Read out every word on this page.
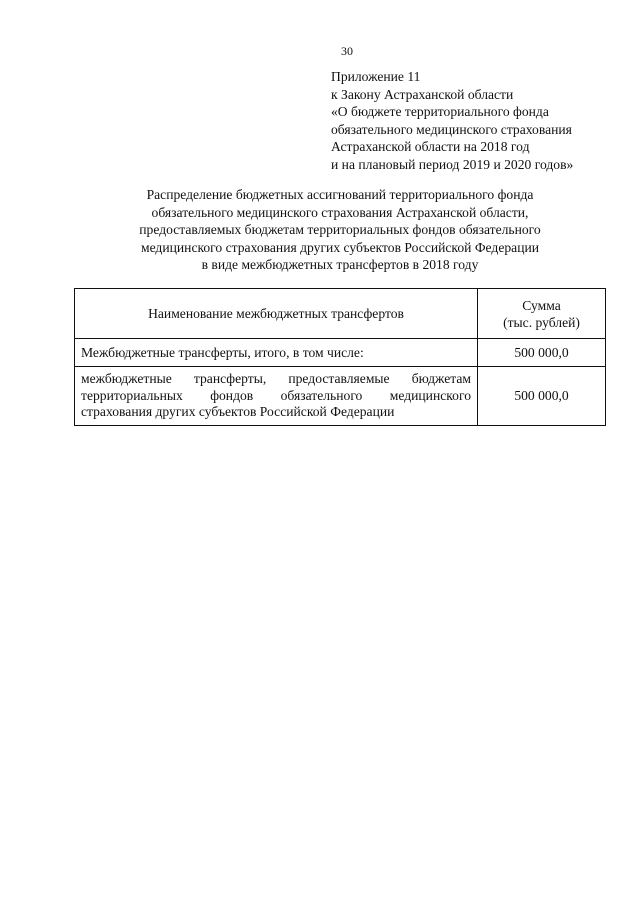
30
Приложение 11
к Закону Астраханской области
«О бюджете территориального фонда
обязательного медицинского страхования
Астраханской области на 2018 год
и на плановый период 2019 и 2020 годов»
Распределение бюджетных ассигнований территориального фонда
обязательного медицинского страхования Астраханской области,
предоставляемых бюджетам территориальных фондов обязательного
медицинского страхования других субъектов Российской Федерации
в виде межбюджетных трансфертов в 2018 году
Наименование межбюджетных трансфертов	Сумма
(тыс. рублей)

Межбюджетные трансферты, итого, в том числе:	500 000,0
межбюджетные трансферты, предоставляемые бюджетам территориальных фондов обязательного медицинского страхования других субъектов Российской Федерации	500 000,0
